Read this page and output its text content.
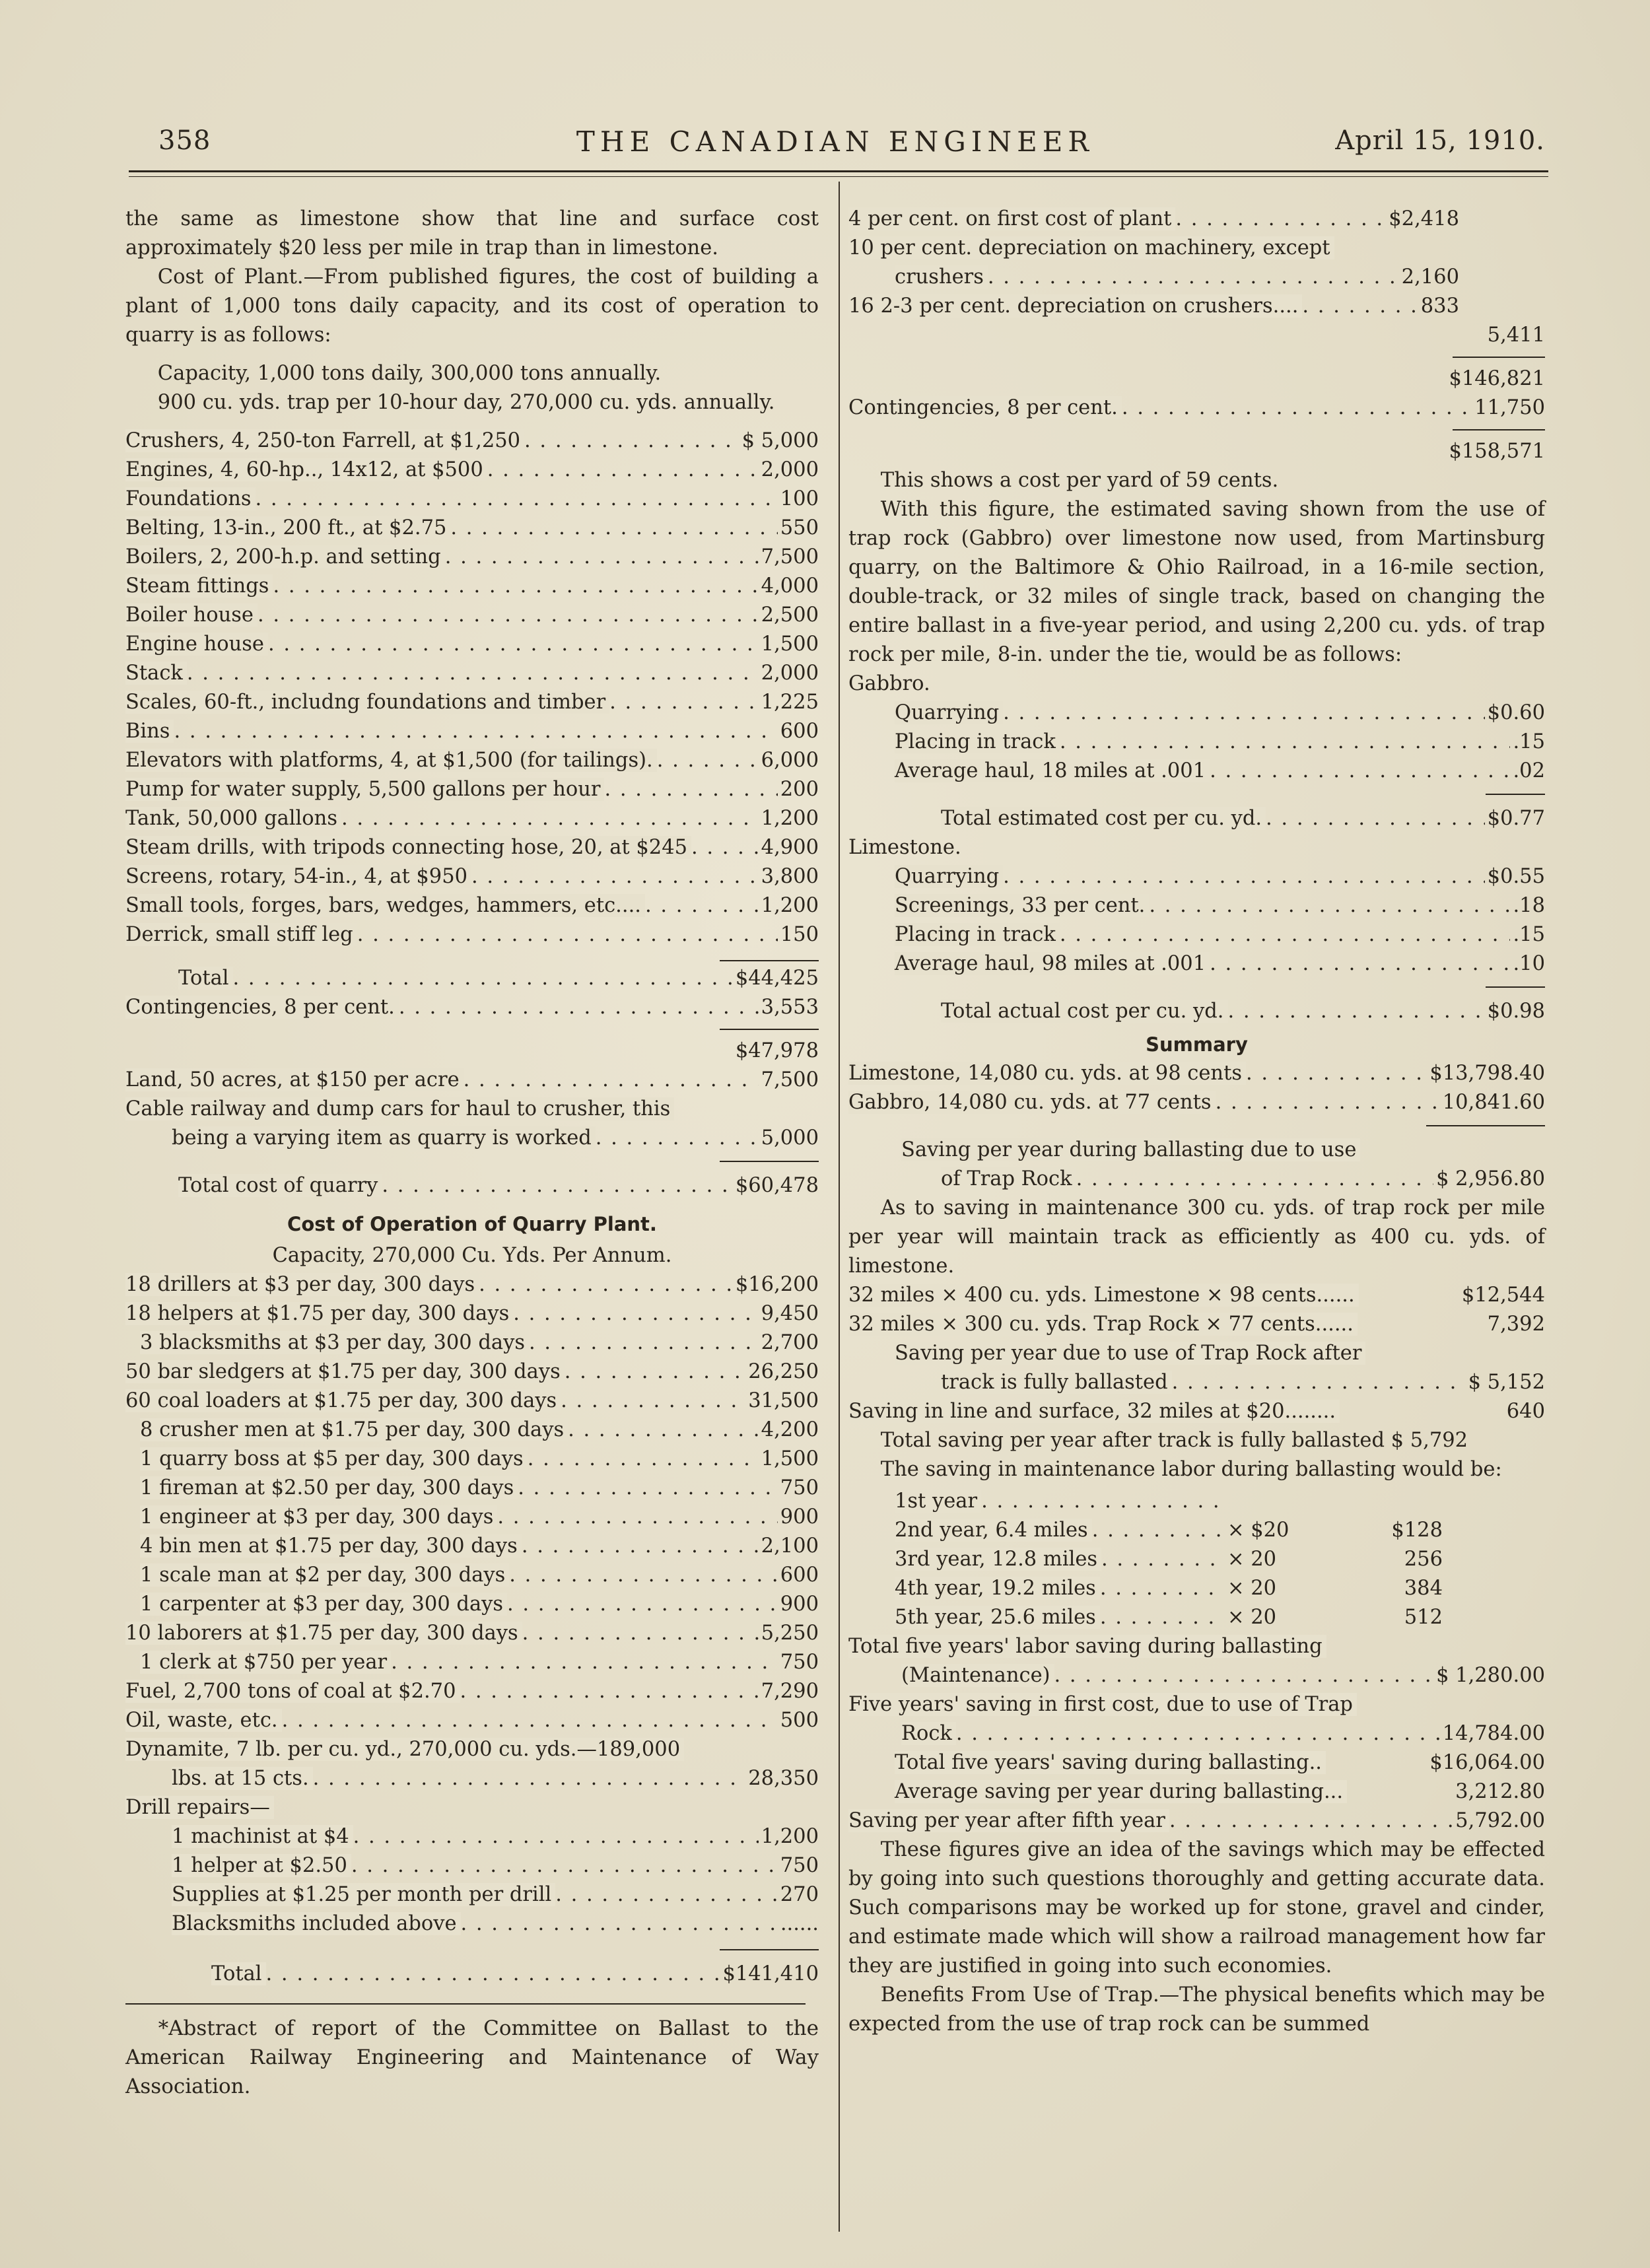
358	THE CANADIAN ENGINEER	April 15, 1910.

the same as limestone show that line and surface cost approximately $20 less per mile in trap than in limestone.

Cost of Plant.—From published figures, the cost of building a plant of 1,000 tons daily capacity, and its cost of operation to quarry is as follows:

Capacity, 1,000 tons daily, 300,000 tons annually.

900 cu. yds. trap per 10-hour day, 270,000 cu. yds. annually.

Crushers, 4, 250-ton Farrell, at $1,250 . . .	$ 5,000
Engines, 4, 60-hp.., 14x12, at $500 . . .	2,000
Foundations . . .	100
Belting, 13-in., 200 ft., at $2.75 . . .	550
Boilers, 2, 200-h.p. and setting . . .	7,500
Steam fittings . . .	4,000
Boiler house . . .	2,500
Engine house . . .	1,500
Stack . . .	2,000
Scales, 60-ft., includng foundations and timber . . .	1,225
Bins . . .	600
Elevators with platforms, 4, at $1,500 (for tailings). . . .	6,000
Pump for water supply, 5,500 gallons per hour . . .	200
Tank, 50,000 gallons . . .	1,200
Steam drills, with tripods connecting hose, 20, at $245 . . .	4,900
Screens, rotary, 54-in., 4, at $950 . . .	3,800
Small tools, forges, bars, wedges, hammers, etc.... . . .	1,200
Derrick, small stiff leg . . .	150
Total . . .	$44,425
Contingencies, 8 per cent. . . .	3,553
$47,978
Land, 50 acres, at $150 per acre . . .	7,500
Cable railway and dump cars for haul to crusher, this
being a varying item as quarry is worked . . .	5,000
Total cost of quarry . . .	$60,478

Cost of Operation of Quarry Plant.

Capacity, 270,000 Cu. Yds. Per Annum.

18 drillers at $3 per day, 300 days . . .	$16,200
18 helpers at $1.75 per day, 300 days . . .	9,450
3 blacksmiths at $3 per day, 300 days . . .	2,700
50 bar sledgers at $1.75 per day, 300 days . . .	26,250
60 coal loaders at $1.75 per day, 300 days . . .	31,500
8 crusher men at $1.75 per day, 300 days . . .	4,200
1 quarry boss at $5 per day, 300 days . . .	1,500
1 fireman at $2.50 per day, 300 days . . .	750
1 engineer at $3 per day, 300 days . . .	900
4 bin men at $1.75 per day, 300 days . . .	2,100
1 scale man at $2 per day, 300 days . . .	600
1 carpenter at $3 per day, 300 days . . .	900
10 laborers at $1.75 per day, 300 days . . .	5,250
1 clerk at $750 per year . . .	750
Fuel, 2,700 tons of coal at $2.70 . . .	7,290
Oil, waste, etc. . . .	500
Dynamite, 7 lb. per cu. yd., 270,000 cu. yds.—189,000
lbs. at 15 cts. . . .	28,350
Drill repairs—
1 machinist at $4 . . .	1,200
1 helper at $2.50 . . .	750
Supplies at $1.25 per month per drill . . .	270
Blacksmiths included above . . .	......
Total . . .	$141,410

*Abstract of report of the Committee on Ballast to the American Railway Engineering and Maintenance of Way Association.

4 per cent. on first cost of plant . . .	$2,418
10 per cent. depreciation on machinery, except
crushers . . .	2,160
16 2-3 per cent. depreciation on crushers.... . . .	833
5,411
$146,821
Contingencies, 8 per cent. . . .	11,750
$158,571

This shows a cost per yard of 59 cents.

With this figure, the estimated saving shown from the use of trap rock (Gabbro) over limestone now used, from Martinsburg quarry, on the Baltimore & Ohio Railroad, in a 16-mile section, double-track, or 32 miles of single track, based on changing the entire ballast in a five-year period, and using 2,200 cu. yds. of trap rock per mile, 8-in. under the tie, would be as follows:

Gabbro.

Quarrying . . .	$0.60
Placing in track . . .	.15
Average haul, 18 miles at .001 . . .	.02
Total estimated cost per cu. yd. . . .	$0.77

Limestone.

Quarrying . . .	$0.55
Screenings, 33 per cent. . . .	.18
Placing in track . . .	.15
Average haul, 98 miles at .001 . . .	.10
Total actual cost per cu. yd. . . .	$0.98

Summary

Limestone, 14,080 cu. yds. at 98 cents . . .	$13,798.40
Gabbro, 14,080 cu. yds. at 77 cents . . .	10,841.60
Saving per year during ballasting due to use
of Trap Rock . . .	$ 2,956.80

As to saving in maintenance 300 cu. yds. of trap rock per mile per year will maintain track as efficiently as 400 cu. yds. of limestone.

32 miles × 400 cu. yds. Limestone × 98 cents......	$12,544
32 miles × 300 cu. yds. Trap Rock × 77 cents......	7,392
Saving per year due to use of Trap Rock after
track is fully ballasted . . .	$ 5,152
Saving in line and surface, 32 miles at $20........	640

Total saving per year after track is fully ballasted $ 5,792

The saving in maintenance labor during ballasting would be:

1st year . . .
2nd year, 6.4 miles . . .	× $20	$128
3rd year, 12.8 miles . . .	× 20	256
4th year, 19.2 miles . . .	× 20	384
5th year, 25.6 miles . . .	× 20	512
Total five years' labor saving during ballasting
(Maintenance) . . .	$ 1,280.00
Five years' saving in first cost, due to use of Trap
Rock . . .	14,784.00
Total five years' saving during ballasting..	$16,064.00
Average saving per year during ballasting...	3,212.80
Saving per year after fifth year . . .	5,792.00

These figures give an idea of the savings which may be effected by going into such questions thoroughly and getting accurate data. Such comparisons may be worked up for stone, gravel and cinder, and estimate made which will show a railroad management how far they are justified in going into such economies.

Benefits From Use of Trap.—The physical benefits which may be expected from the use of trap rock can be summed
